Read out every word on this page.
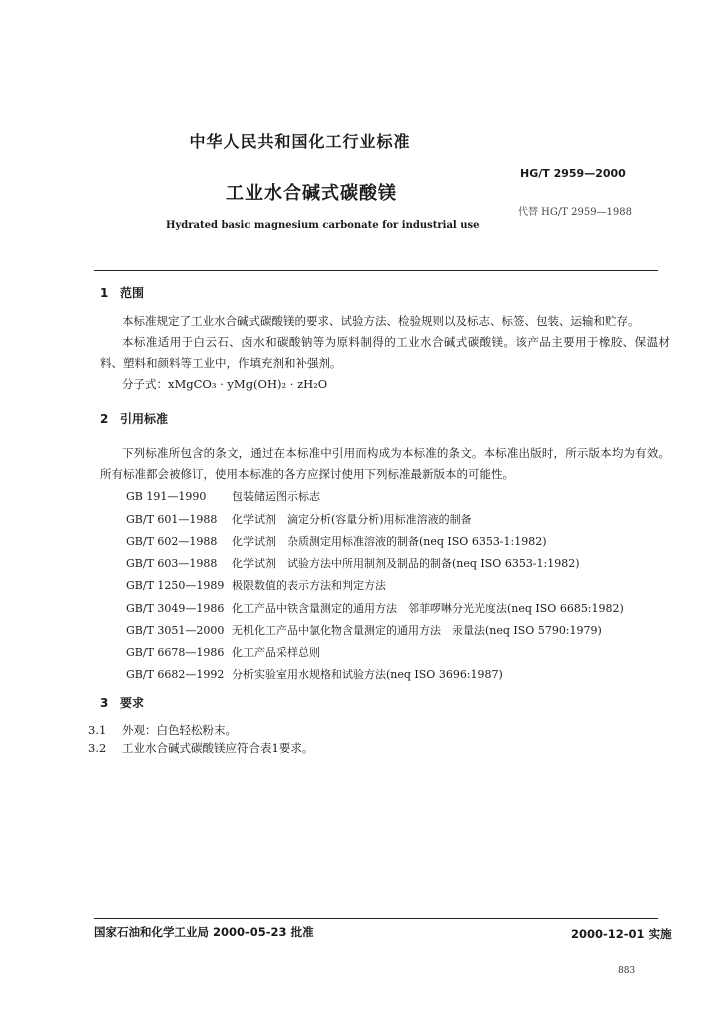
中华人民共和国化工行业标准
HG/T 2959—2000
工业水合碱式碳酸镁
代替 HG/T 2959—1988
Hydrated basic magnesium carbonate for industrial use
1 范围
本标准规定了工业水合碱式碳酸镁的要求、试验方法、检验规则以及标志、标签、包装、运输和贮存。
本标准适用于白云石、卤水和碳酸钠等为原料制得的工业水合碱式碳酸镁。该产品主要用于橡胶、保温材料、塑料和颜料等工业中，作填充剂和补强剂。
分子式：xMgCO₃ · yMg(OH)₂ · zH₂O
2 引用标准
下列标准所包含的条文，通过在本标准中引用而构成为本标准的条文。本标准出版时，所示版本均为有效。所有标准都会被修订，使用本标准的各方应探讨使用下列标准最新版本的可能性。
GB 191—1990 包装储运图示标志
GB/T 601—1988 化学试剂　滴定分析(容量分析)用标准溶液的制备
GB/T 602—1988 化学试剂　杂质测定用标准溶液的制备(neq ISO 6353-1:1982)
GB/T 603—1988 化学试剂　试验方法中所用制剂及制品的制备(neq ISO 6353-1:1982)
GB/T 1250—1989 极限数值的表示方法和判定方法
GB/T 3049—1986 化工产品中铁含量测定的通用方法　邻菲啰啉分光光度法(neq ISO 6685:1982)
GB/T 3051—2000 无机化工产品中氯化物含量测定的通用方法　汞量法(neq ISO 5790:1979)
GB/T 6678—1986 化工产品采样总则
GB/T 6682—1992 分析实验室用水规格和试验方法(neq ISO 3696:1987)
3 要求
3.1 外观：白色轻松粉末。
3.2 工业水合碱式碳酸镁应符合表1要求。
国家石油和化学工业局 2000-05-23 批准	2000-12-01 实施
883
